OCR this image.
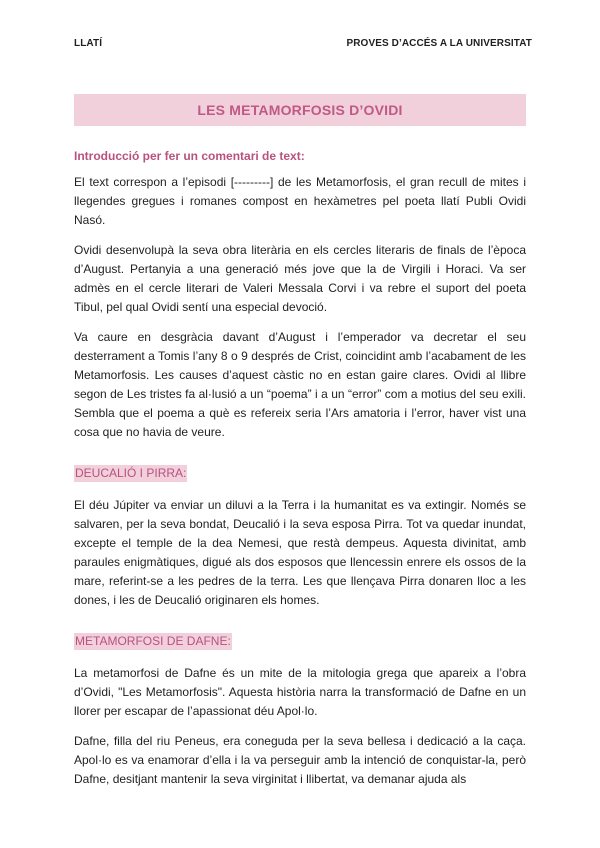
LLATÍ	PROVES D’ACCÉS A LA UNIVERSITAT
LES METAMORFOSIS D’OVIDI
Introducció per fer un comentari de text:

El text correspon a l’episodi [---------] de les Metamorfosis, el gran recull de mites i llegendes gregues i romanes compost en hexàmetres pel poeta llatí Publi Ovidi Nasó.

Ovidi desenvolupà la seva obra literària en els cercles literaris de finals de l’època d’August. Pertanyia a una generació més jove que la de Virgili i Horaci. Va ser admès en el cercle literari de Valeri Messala Corvi i va rebre el suport del poeta Tibul, pel qual Ovidi sentí una especial devoció.

Va caure en desgràcia davant d’August i l’emperador va decretar el seu desterrament a Tomis l’any 8 o 9 després de Crist, coincidint amb l’acabament de les Metamorfosis. Les causes d’aquest càstic no en estan gaire clares. Ovidi al llibre segon de Les tristes fa al·lusió a un “poema” i a un “error” com a motius del seu exili. Sembla que el poema a què es refereix seria l’Ars amatoria i l’error, haver vist una cosa que no havia de veure.

DEUCALIÓ I PIRRA:

El déu Júpiter va enviar un diluvi a la Terra i la humanitat es va extingir. Només se salvaren, per la seva bondat, Deucalió i la seva esposa Pirra. Tot va quedar inundat, excepte el temple de la dea Nemesi, que restà dempeus. Aquesta divinitat, amb paraules enigmàtiques, digué als dos esposos que llencessin enrere els ossos de la mare, referint-se a les pedres de la terra. Les que llençava Pirra donaren lloc a les dones, i les de Deucalió originaren els homes.

METAMORFOSI DE DAFNE:

La metamorfosi de Dafne és un mite de la mitologia grega que apareix a l’obra d’Ovidi, "Les Metamorfosis". Aquesta història narra la transformació de Dafne en un llorer per escapar de l’apassionat déu Apol·lo.

Dafne, filla del riu Peneus, era coneguda per la seva bellesa i dedicació a la caça. Apol·lo es va enamorar d’ella i la va perseguir amb la intenció de conquistar-la, però Dafne, desitjant mantenir la seva virginitat i llibertat, va demanar ajuda als
